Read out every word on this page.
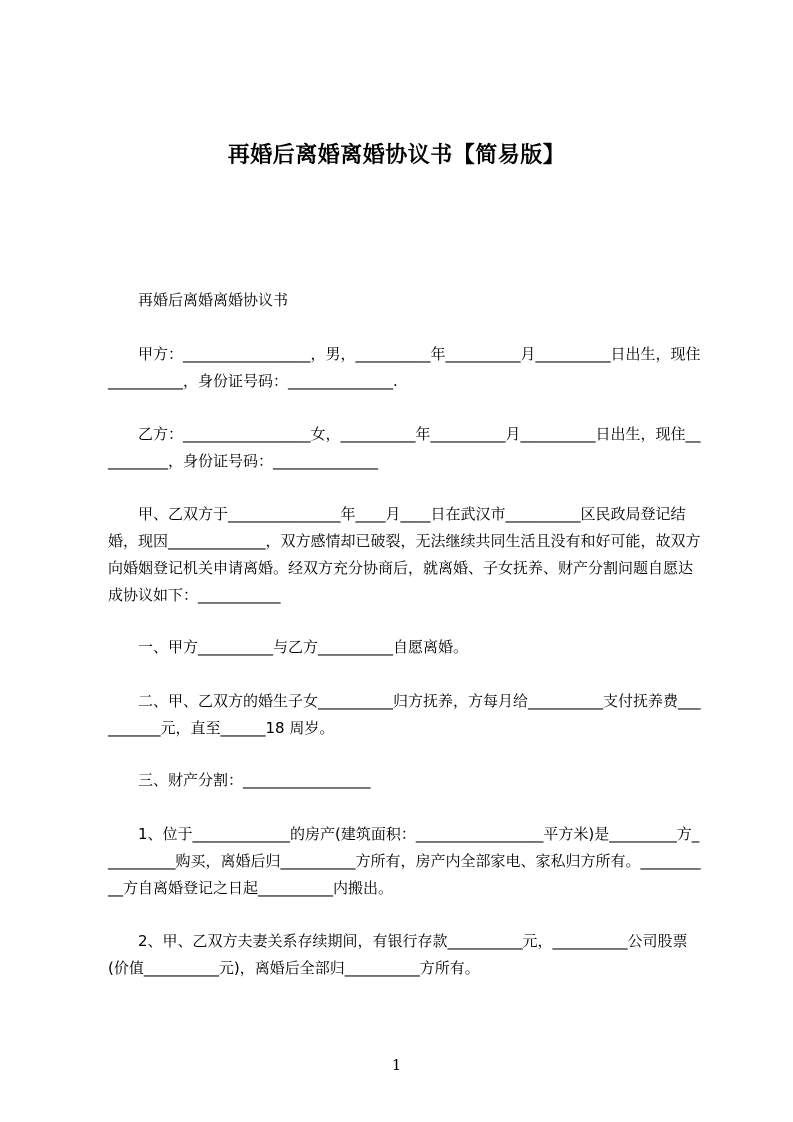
再婚后离婚离婚协议书【简易版】

再婚后离婚离婚协议书

甲方：_________________，男，__________年__________月__________日出生，现住__________，身份证号码：______________.

乙方：_________________女，__________年__________月__________日出生，现住__________，身份证号码：______________

甲、乙双方于_______________年____月____日在武汉市__________区民政局登记结婚，现因_____________，双方感情却已破裂，无法继续共同生活且没有和好可能，故双方向婚姻登记机关申请离婚。经双方充分协商后，就离婚、子女抚养、财产分割问题自愿达成协议如下：___________

一、甲方__________与乙方__________自愿离婚。

二、甲、乙双方的婚生子女__________归方抚养，方每月给__________支付抚养费__________元，直至______18 周岁。

三、财产分割：_________________

1、位于_____________的房产(建筑面积：_________________平方米)是_________方__________购买，离婚后归__________方所有，房产内全部家电、家私归方所有。__________方自离婚登记之日起__________内搬出。

2、甲、乙双方夫妻关系存续期间，有银行存款__________元，__________公司股票(价值__________元)，离婚后全部归__________方所有。

1
